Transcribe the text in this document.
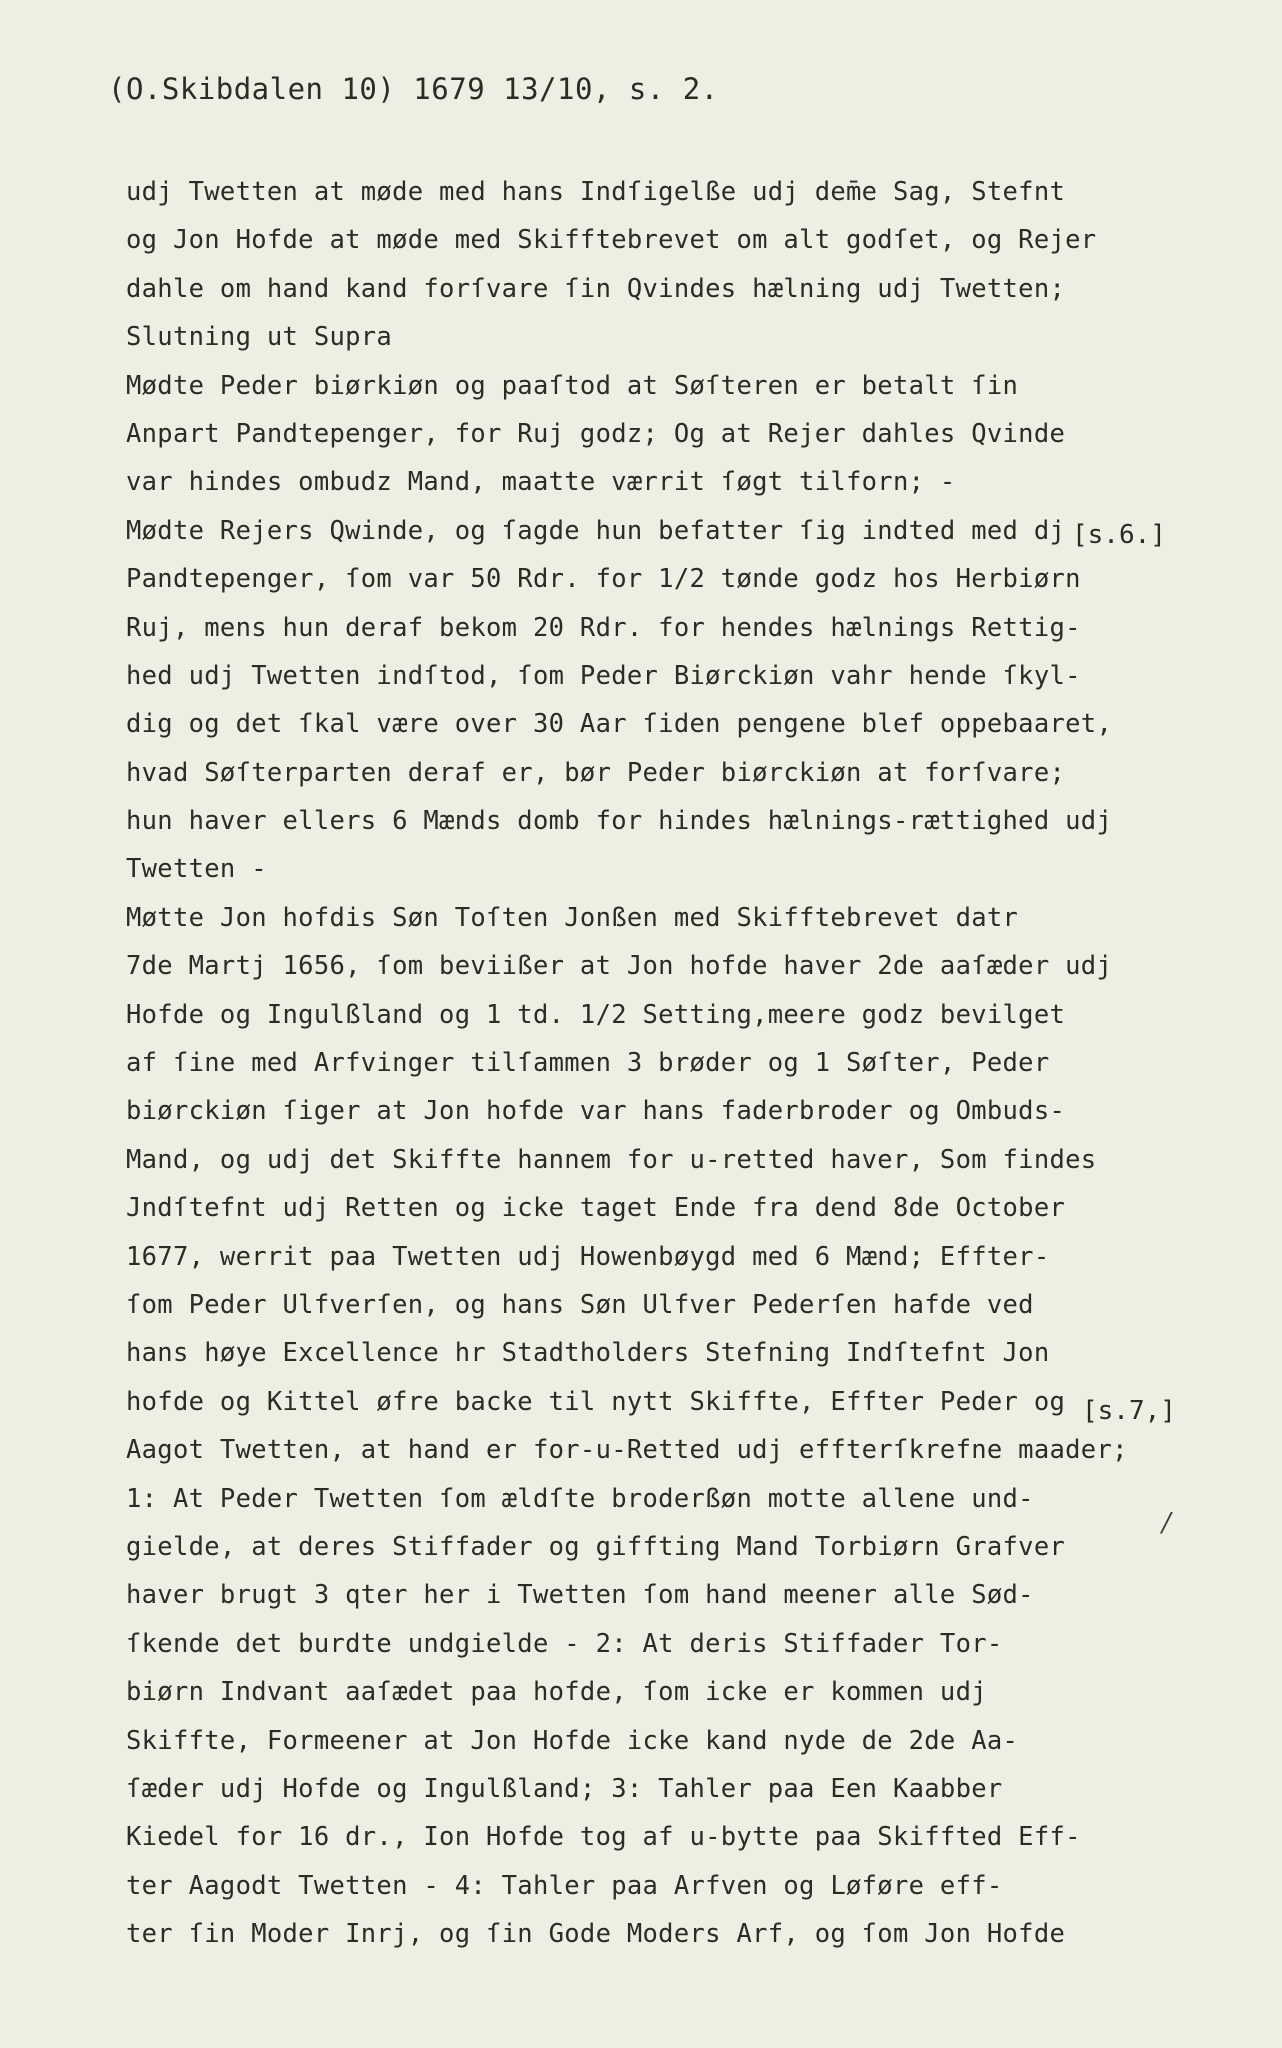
(O.Skibdalen 10) 1679 13/10, s. 2.
udj Twetten at møde med hans Indſigelße udj dem̄e Sag, Stefnt
og Jon Hofde at møde med Skifftebrevet om alt godſet, og Rejer
dahle om hand kand forſvare ſin Qvindes hælning udj Twetten;
Slutning ut Supra
Mødte Peder biørkiøn og paaſtod at Søſteren er betalt ſin
Anpart Pandtepenger, for Ruj godz; Og at Rejer dahles Qvinde
var hindes ombudz Mand, maatte værrit ſøgt tilforn; -
Mødte Rejers Qwinde, og ſagde hun befatter ſig indted med dj
Pandtepenger, ſom var 50 Rdr. for 1/2 tønde godz hos Herbiørn
Ruj, mens hun deraf bekom 20 Rdr. for hendes hælnings Rettig-
hed udj Twetten indſtod, ſom Peder Biørckiøn vahr hende ſkyl-
dig og det ſkal være over 30 Aar ſiden pengene blef oppebaaret,
hvad Søſterparten deraf er, bør Peder biørckiøn at forſvare;
hun haver ellers 6 Mænds domb for hindes hælnings-rættighed udj
Twetten -
Møtte Jon hofdis Søn Toſten Jonßen med Skifftebrevet datr
7de Martj 1656, ſom beviißer at Jon hofde haver 2de aaſæder udj
Hofde og Ingulßland og 1 td. 1/2 Setting,meere godz bevilget
af ſine med Arfvinger tilſammen 3 brøder og 1 Søſter, Peder
biørckiøn ſiger at Jon hofde var hans faderbroder og Ombuds-
Mand, og udj det Skiffte hannem for u-retted haver, Som findes
Jndſtefnt udj Retten og icke taget Ende fra dend 8de October
1677, werrit paa Twetten udj Howenbøygd med 6 Mænd; Effter-
ſom Peder Ulfverſen, og hans Søn Ulfver Pederſen hafde ved
hans høye Excellence hr Stadtholders Stefning Indſtefnt Jon
hofde og Kittel øfre backe til nytt Skiffte, Effter Peder og
Aagot Twetten, at hand er for-u-Retted udj effterſkrefne maader;
1: At Peder Twetten ſom ældſte broderßøn motte allene und-
gielde, at deres Stiffader og giffting Mand Torbiørn Grafver
haver brugt 3 qter her i Twetten ſom hand meener alle Sød-
ſkende det burdte undgielde - 2: At deris Stiffader Tor-
biørn Indvant aaſædet paa hofde, ſom icke er kommen udj
Skiffte, Formeener at Jon Hofde icke kand nyde de 2de Aa-
ſæder udj Hofde og Ingulßland; 3: Tahler paa Een Kaabber
Kiedel for 16 dr., Ion Hofde tog af u-bytte paa Skiffted Eff-
ter Aagodt Twetten - 4: Tahler paa Arfven og Løføre eff-
ter ſin Moder Inrj, og ſin Gode Moders Arf, og ſom Jon Hofde
[s.6.]
[s.7,]
/
